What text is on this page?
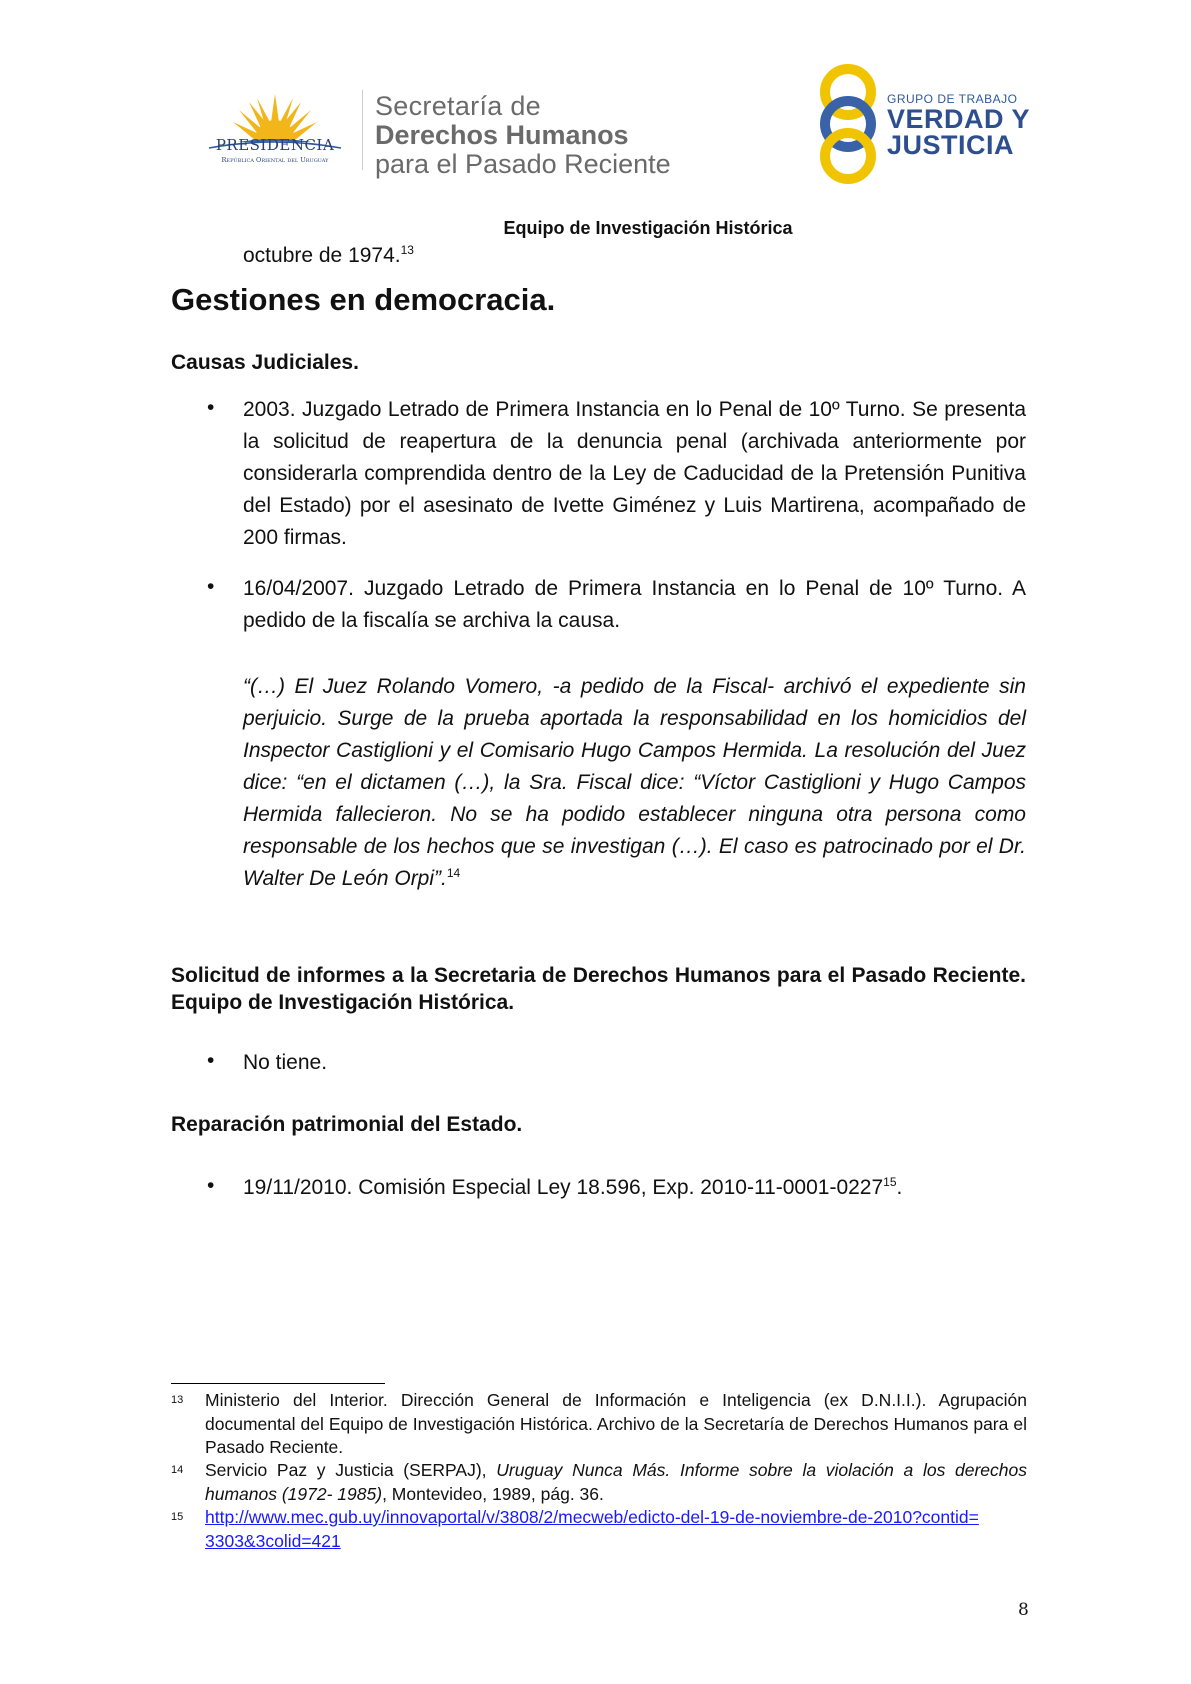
PRESIDENCIA
República Oriental del Uruguay
Secretaría de
Derechos Humanos
para el Pasado Reciente
GRUPO DE TRABAJO
VERDAD Y
JUSTICIA
Equipo de Investigación Histórica
octubre de 1974.13
Gestiones en democracia.
Causas Judiciales.
• 2003. Juzgado Letrado de Primera Instancia en lo Penal de 10º Turno. Se presenta la solicitud de reapertura de la denuncia penal (archivada anteriormente por considerarla comprendida dentro de la Ley de Caducidad de la Pretensión Punitiva del Estado) por el asesinato de Ivette Giménez y Luis Martirena, acompañado de 200 firmas.
• 16/04/2007. Juzgado Letrado de Primera Instancia en lo Penal de 10º Turno. A pedido de la fiscalía se archiva la causa.
“(…) El Juez Rolando Vomero, -a pedido de la Fiscal- archivó el expediente sin perjuicio. Surge de la prueba aportada la responsabilidad en los homicidios del Inspector Castiglioni y el Comisario Hugo Campos Hermida. La resolución del Juez dice: “en el dictamen (…), la Sra. Fiscal dice: “Víctor Castiglioni y Hugo Campos Hermida fallecieron. No se ha podido establecer ninguna otra persona como responsable de los hechos que se investigan (…). El caso es patrocinado por el Dr. Walter De León Orpi”.$^{14}$
Solicitud de informes a la Secretaria de Derechos Humanos para el Pasado Reciente. Equipo de Investigación Histórica.
• No tiene.
Reparación patrimonial del Estado.
• 19/11/2010. Comisión Especial Ley 18.596, Exp. 2010-11-0001-0227$^{15}$.
13 Ministerio del Interior. Dirección General de Información e Inteligencia (ex D.N.I.I.). Agrupación documental del Equipo de Investigación Histórica. Archivo de la Secretaría de Derechos Humanos para el Pasado Reciente.
14 Servicio Paz y Justicia (SERPAJ), Uruguay Nunca Más. Informe sobre la violación a los derechos humanos (1972- 1985), Montevideo, 1989, pág. 36.
15 http://www.mec.gub.uy/innovaportal/v/3808/2/mecweb/edicto-del-19-de-noviembre-de-2010?contid=3303&3colid=421
8
